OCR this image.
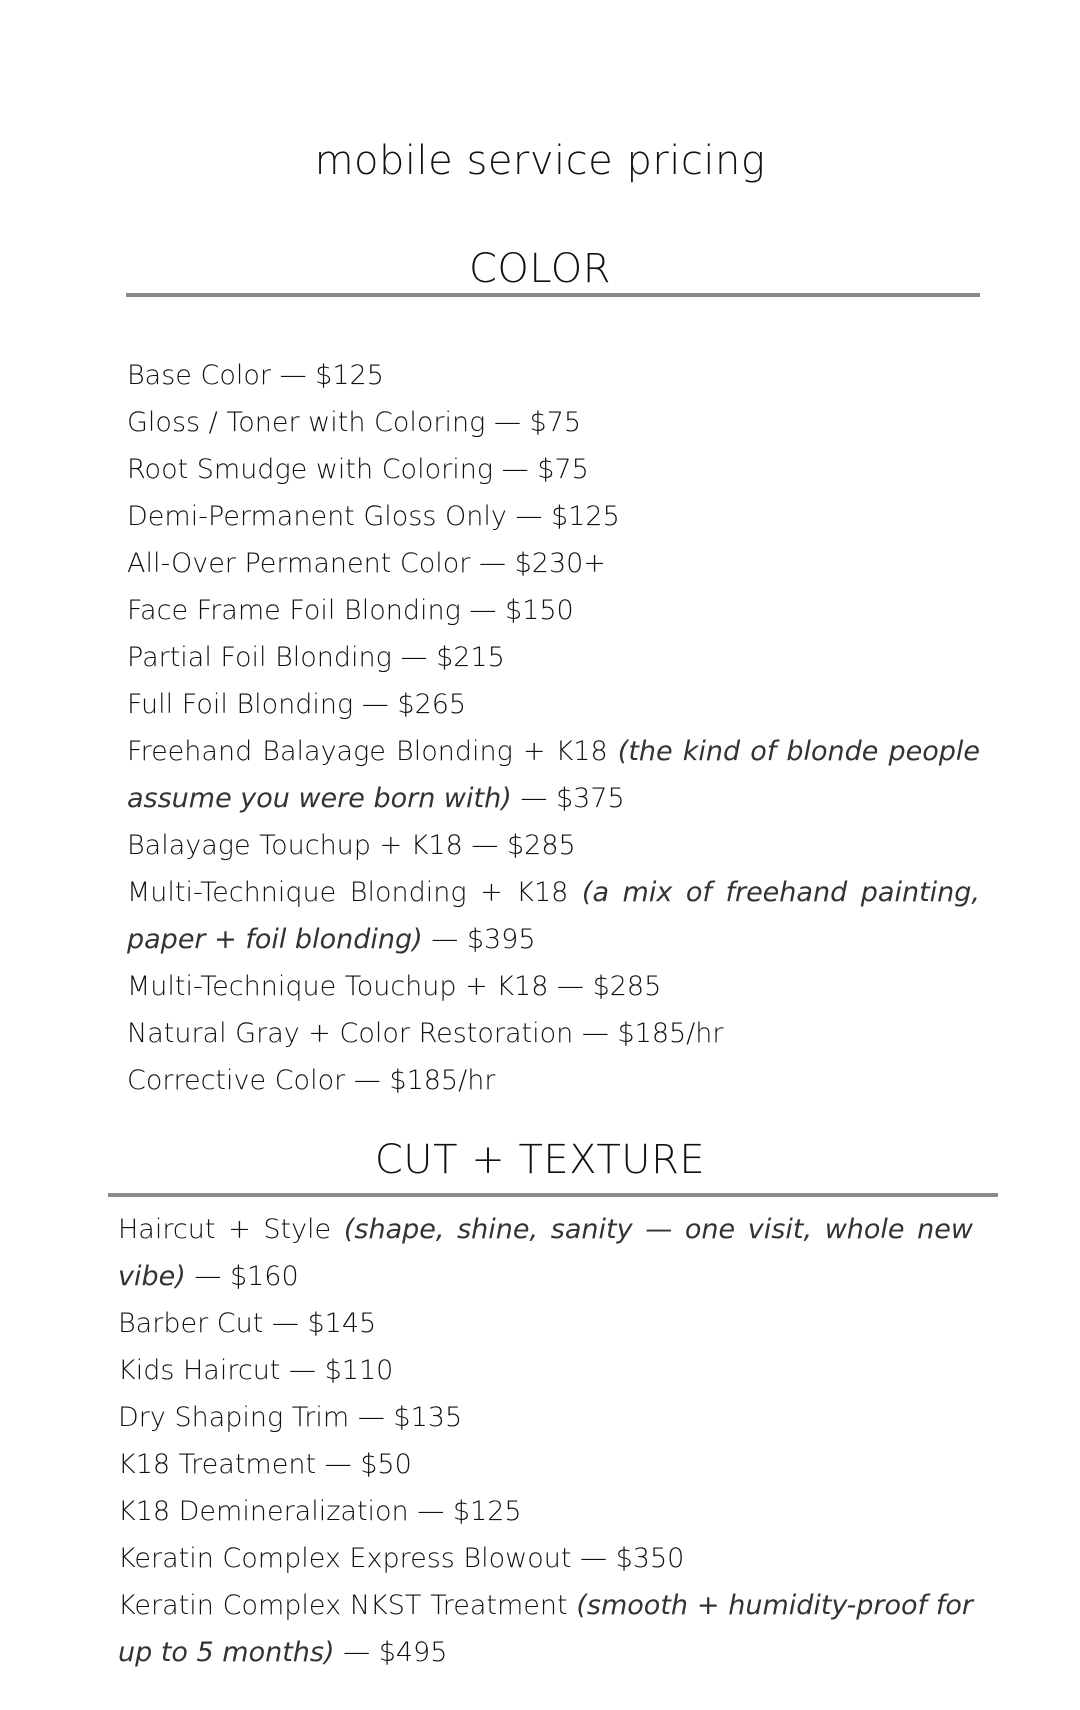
mobile service pricing
COLOR
Base Color — $125
Gloss / Toner with Coloring — $75
Root Smudge with Coloring — $75
Demi-Permanent Gloss Only — $125
All-Over Permanent Color — $230+
Face Frame Foil Blonding — $150
Partial Foil Blonding — $215
Full Foil Blonding — $265
Freehand Balayage Blonding + K18 (the kind of blonde people assume you were born with) — $375
Balayage Touchup + K18 — $285
Multi-Technique Blonding + K18 (a mix of freehand painting, paper + foil blonding) — $395
Multi-Technique Touchup + K18 — $285
Natural Gray + Color Restoration — $185/hr
Corrective Color — $185/hr
CUT + TEXTURE
Haircut + Style (shape, shine, sanity — one visit, whole new vibe) — $160
Barber Cut — $145
Kids Haircut — $110
Dry Shaping Trim — $135
K18 Treatment — $50
K18 Demineralization — $125
Keratin Complex Express Blowout — $350
Keratin Complex NKST Treatment (smooth + humidity-proof for up to 5 months) — $495
